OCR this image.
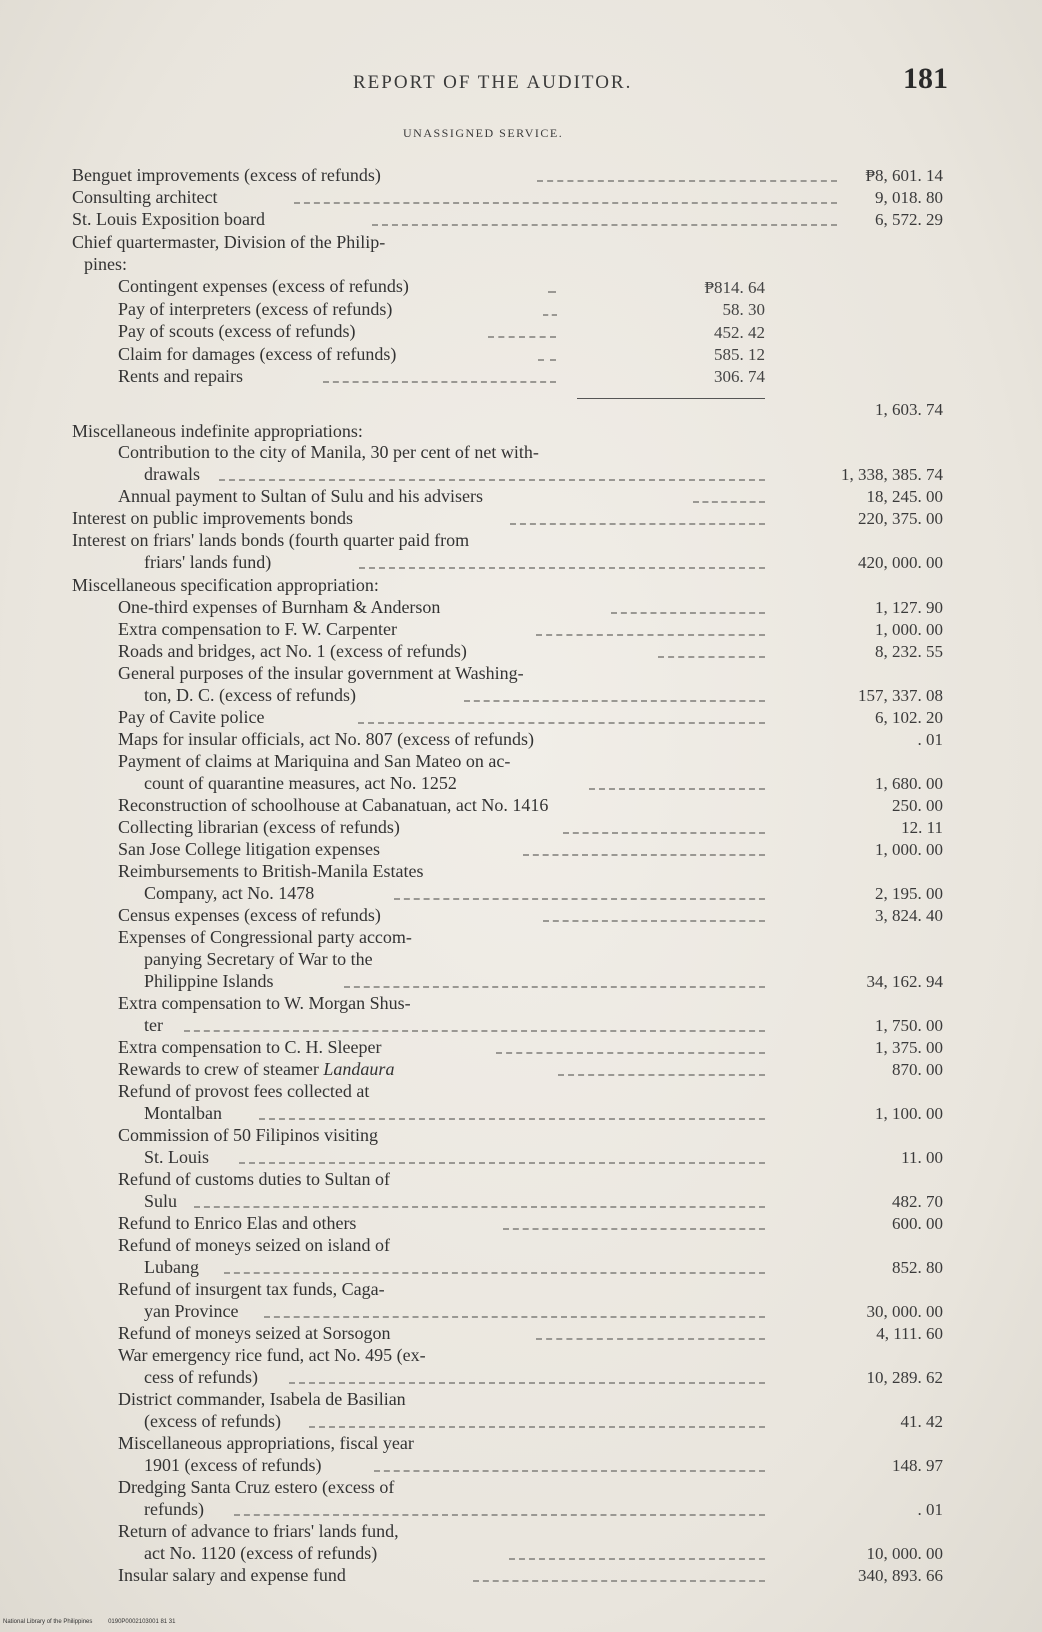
REPORT OF THE AUDITOR.	181
UNASSIGNED SERVICE.
Benguet improvements (excess of refunds)	₱8, 601. 14
Consulting architect	9, 018. 80
St. Louis Exposition board	6, 572. 29
Chief quartermaster, Division of the Philip-
pines:
Contingent expenses (excess of refunds)	₱814. 64
Pay of interpreters (excess of refunds)	58. 30
Pay of scouts (excess of refunds)	452. 42
Claim for damages (excess of refunds)	585. 12
Rents and repairs	306. 74
1, 603. 74
Miscellaneous indefinite appropriations:
Contribution to the city of Manila, 30 per cent of net with-
drawals	1, 338, 385. 74
Annual payment to Sultan of Sulu and his advisers	18, 245. 00
Interest on public improvements bonds	220, 375. 00
Interest on friars' lands bonds (fourth quarter paid from
friars' lands fund)	420, 000. 00
Miscellaneous specification appropriation:
One-third expenses of Burnham & Anderson	1, 127. 90
Extra compensation to F. W. Carpenter	1, 000. 00
Roads and bridges, act No. 1 (excess of refunds)	8, 232. 55
General purposes of the insular government at Washing-
ton, D. C. (excess of refunds)	157, 337. 08
Pay of Cavite police	6, 102. 20
Maps for insular officials, act No. 807 (excess of refunds)	. 01
Payment of claims at Mariquina and San Mateo on ac-
count of quarantine measures, act No. 1252	1, 680. 00
Reconstruction of schoolhouse at Cabanatuan, act No. 1416	250. 00
Collecting librarian (excess of refunds)	12. 11
San Jose College litigation expenses	1, 000. 00
Reimbursements to British-Manila Estates
Company, act No. 1478	2, 195. 00
Census expenses (excess of refunds)	3, 824. 40
Expenses of Congressional party accom-
panying Secretary of War to the
Philippine Islands	34, 162. 94
Extra compensation to W. Morgan Shus-
ter	1, 750. 00
Extra compensation to C. H. Sleeper	1, 375. 00
Rewards to crew of steamer Landaura	870. 00
Refund of provost fees collected at
Montalban	1, 100. 00
Commission of 50 Filipinos visiting
St. Louis	11. 00
Refund of customs duties to Sultan of
Sulu	482. 70
Refund to Enrico Elas and others	600. 00
Refund of moneys seized on island of
Lubang	852. 80
Refund of insurgent tax funds, Caga-
yan Province	30, 000. 00
Refund of moneys seized at Sorsogon	4, 111. 60
War emergency rice fund, act No. 495 (ex-
cess of refunds)	10, 289. 62
District commander, Isabela de Basilian
(excess of refunds)	41. 42
Miscellaneous appropriations, fiscal year
1901 (excess of refunds)	148. 97
Dredging Santa Cruz estero (excess of
refunds)	. 01
Return of advance to friars' lands fund,
act No. 1120 (excess of refunds)	10, 000. 00
Insular salary and expense fund	340, 893. 66
National Library of the Philippines	0190P0002103001 81 31
